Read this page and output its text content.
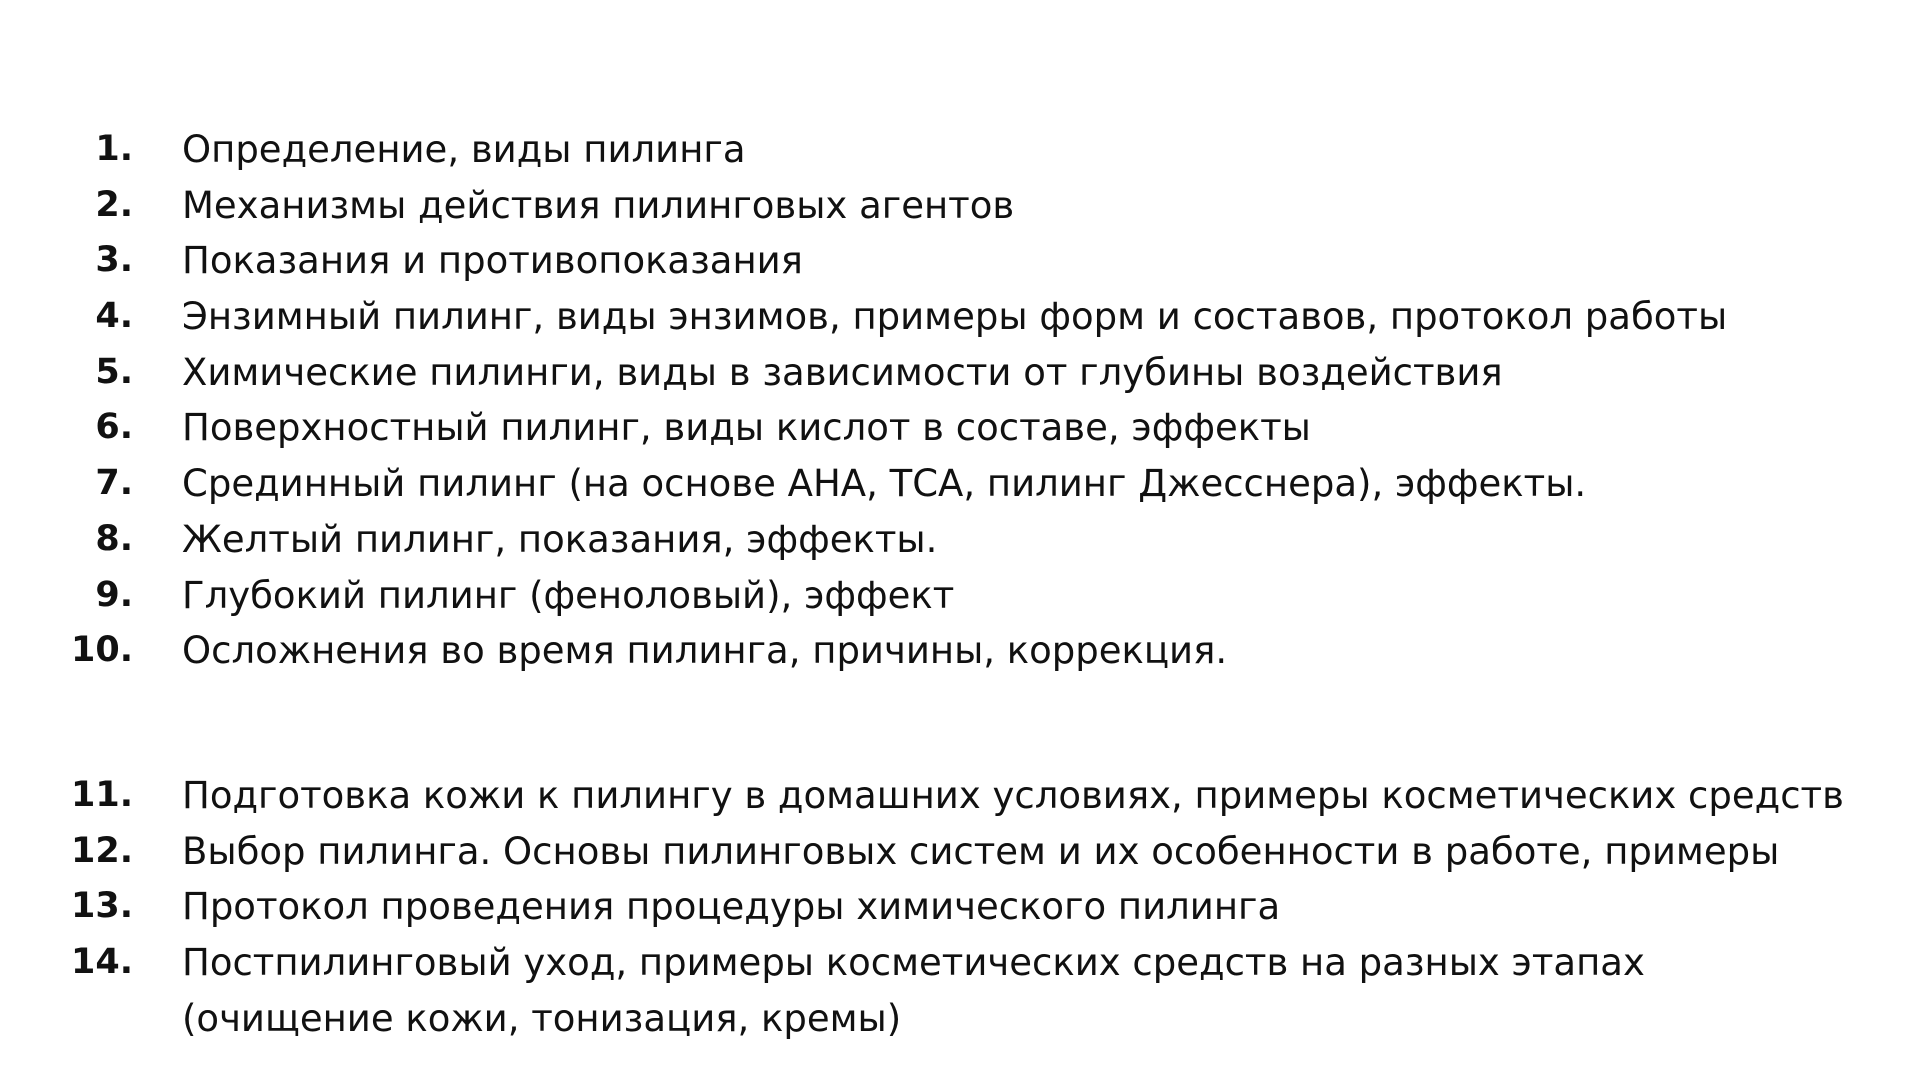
1. Определение, виды пилинга
2. Механизмы действия пилинговых агентов
3. Показания и противопоказания
4. Энзимный пилинг, виды энзимов, примеры форм и составов, протокол работы
5. Химические пилинги, виды в зависимости от глубины воздействия
6. Поверхностный пилинг, виды кислот в составе, эффекты
7. Срединный пилинг (на основе АНА, ТСА, пилинг Джесснера), эффекты.
8. Желтый пилинг, показания, эффекты.
9. Глубокий пилинг (феноловый), эффект
10. Осложнения во время пилинга, причины, коррекция.
11. Подготовка кожи к пилингу в домашних условиях, примеры косметических средств
12. Выбор пилинга. Основы пилинговых систем и их особенности в работе, примеры
13. Протокол проведения процедуры химического пилинга
14. Постпилинговый уход, примеры косметических средств на разных этапах
(очищение кожи, тонизация, кремы)
